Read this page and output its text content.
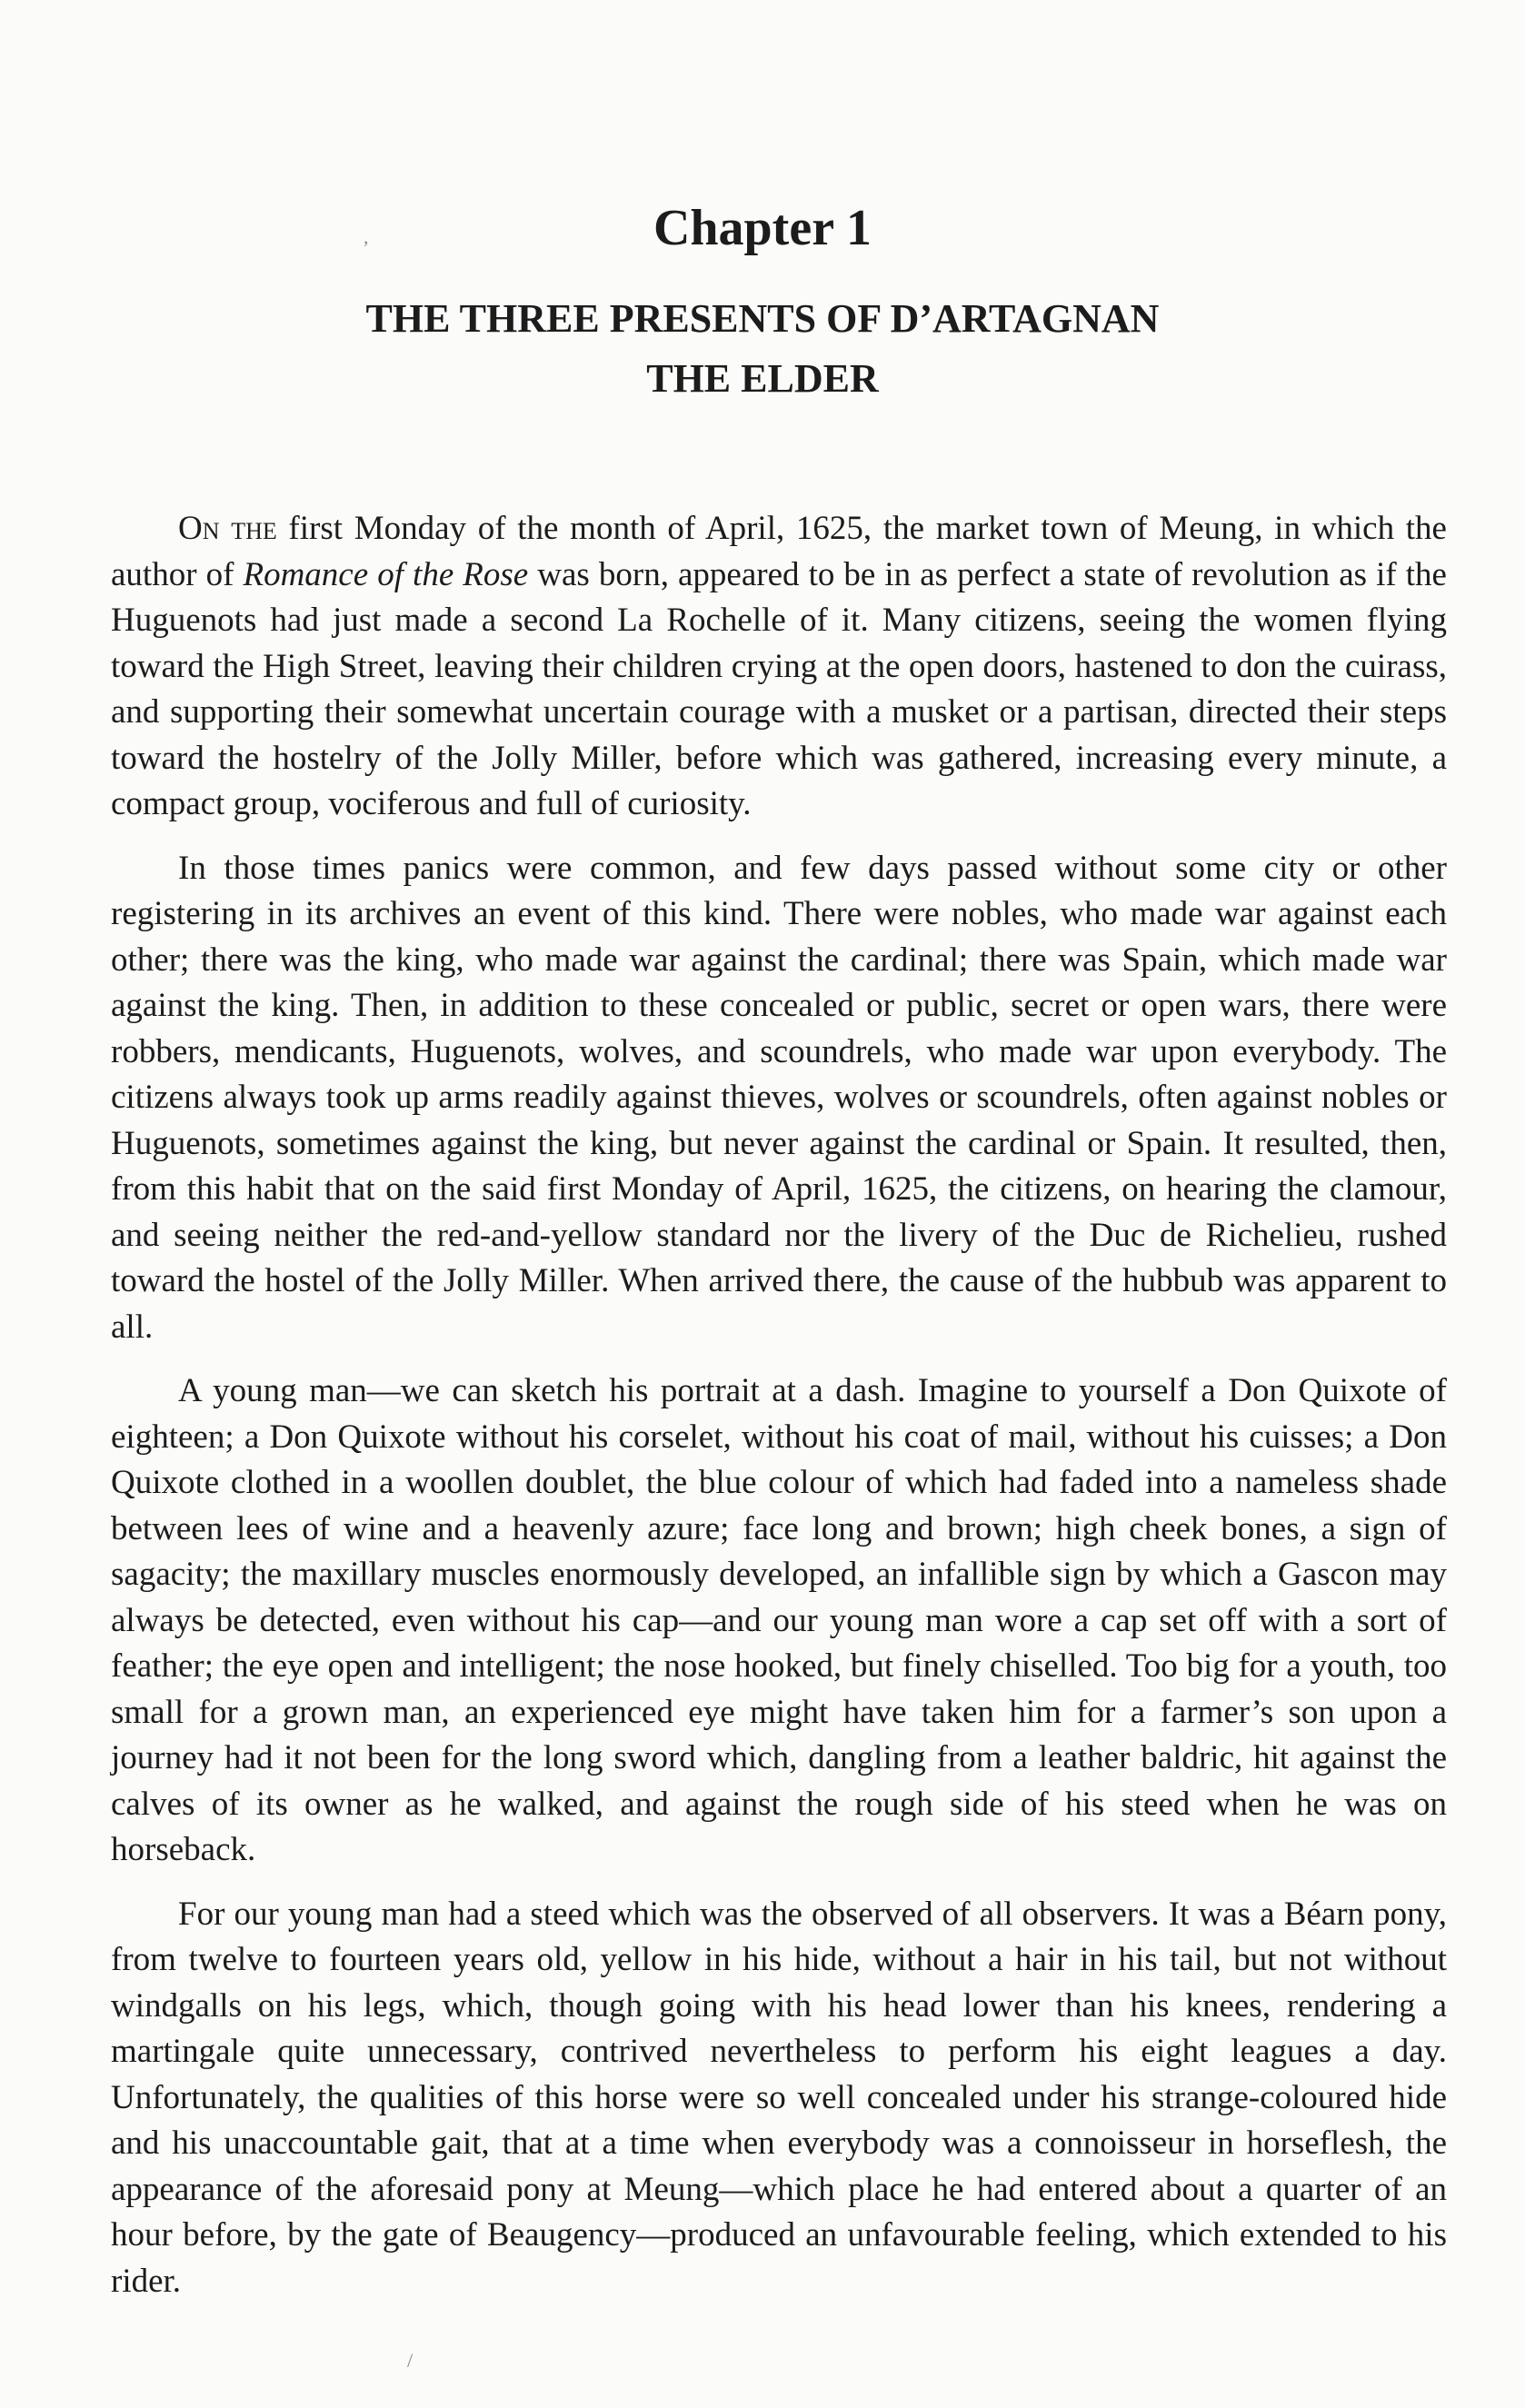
Chapter 1
THE THREE PRESENTS OF D’ARTAGNAN
THE ELDER

On the first Monday of the month of April, 1625, the market town of Meung, in which the author of Romance of the Rose was born, appeared to be in as perfect a state of revolution as if the Huguenots had just made a second La Rochelle of it. Many citizens, seeing the women flying toward the High Street, leaving their children crying at the open doors, hastened to don the cuirass, and supporting their somewhat uncertain courage with a musket or a partisan, directed their steps toward the hostelry of the Jolly Miller, before which was gathered, increasing every minute, a compact group, vociferous and full of curiosity.

In those times panics were common, and few days passed without some city or other registering in its archives an event of this kind. There were nobles, who made war against each other; there was the king, who made war against the cardinal; there was Spain, which made war against the king. Then, in addition to these concealed or public, secret or open wars, there were robbers, mendicants, Huguenots, wolves, and scoundrels, who made war upon everybody. The citizens always took up arms readily against thieves, wolves or scoundrels, often against nobles or Huguenots, sometimes against the king, but never against the cardinal or Spain. It resulted, then, from this habit that on the said first Monday of April, 1625, the citizens, on hearing the clamour, and seeing neither the red-and-yellow standard nor the livery of the Duc de Richelieu, rushed toward the hostel of the Jolly Miller. When arrived there, the cause of the hubbub was apparent to all.

A young man—we can sketch his portrait at a dash. Imagine to yourself a Don Quixote of eighteen; a Don Quixote without his corselet, without his coat of mail, without his cuisses; a Don Quixote clothed in a woollen doublet, the blue colour of which had faded into a nameless shade between lees of wine and a heavenly azure; face long and brown; high cheek bones, a sign of sagacity; the maxillary muscles enormously developed, an infallible sign by which a Gascon may always be detected, even without his cap—and our young man wore a cap set off with a sort of feather; the eye open and intelligent; the nose hooked, but finely chiselled. Too big for a youth, too small for a grown man, an experienced eye might have taken him for a farmer’s son upon a journey had it not been for the long sword which, dangling from a leather baldric, hit against the calves of its owner as he walked, and against the rough side of his steed when he was on horseback.

For our young man had a steed which was the observed of all observers. It was a Béarn pony, from twelve to fourteen years old, yellow in his hide, without a hair in his tail, but not without windgalls on his legs, which, though going with his head lower than his knees, rendering a martingale quite unnecessary, contrived nevertheless to perform his eight leagues a day. Unfortunately, the qualities of this horse were so well concealed under his strange-coloured hide and his unaccountable gait, that at a time when everybody was a connoisseur in horseflesh, the appearance of the aforesaid pony at Meung—which place he had entered about a quarter of an hour before, by the gate of Beaugency—produced an unfavourable feeling, which extended to his rider.

,
/
